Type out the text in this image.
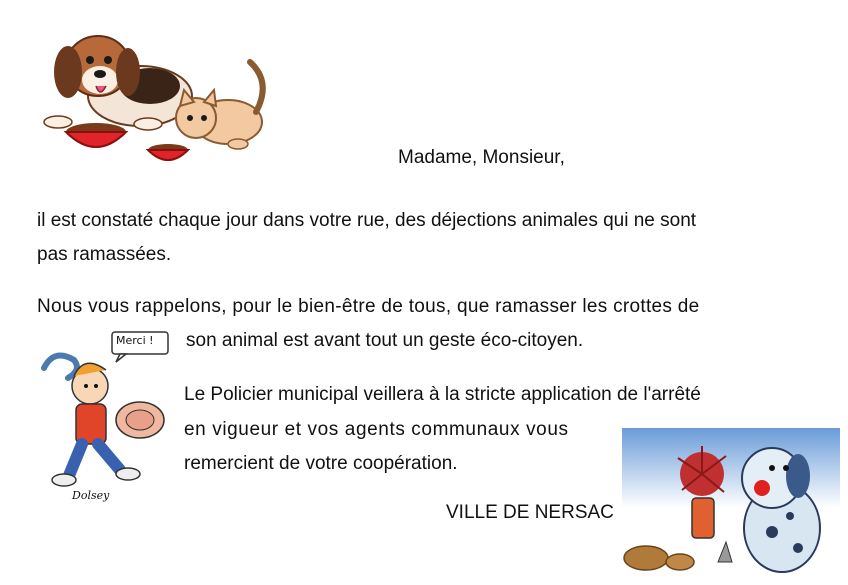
Merci !
Dolsey
Madame, Monsieur,
il est constaté chaque jour dans votre rue, des déjections animales qui ne sont
pas ramassées.
Nous vous rappelons, pour le bien-être de tous, que ramasser les crottes de
son animal est avant tout un geste éco-citoyen.
Le Policier municipal veillera à la stricte application de l'arrêté
en vigueur et vos agents communaux vous
remercient de votre coopération.
VILLE DE NERSAC
